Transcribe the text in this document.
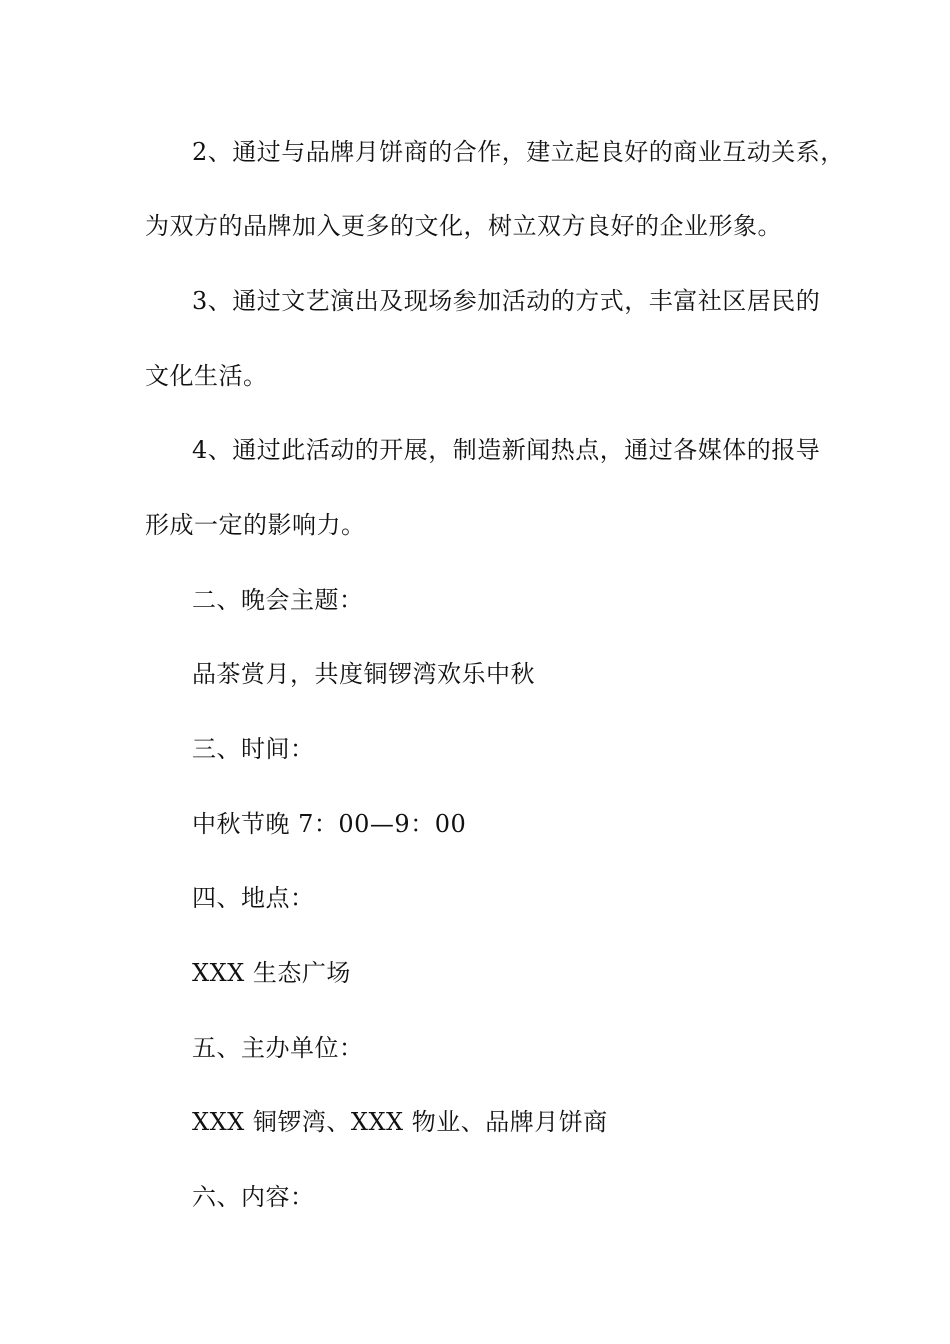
2、通过与品牌月饼商的合作，建立起良好的商业互动关系，
为双方的品牌加入更多的文化，树立双方良好的企业形象。
3、通过文艺演出及现场参加活动的方式，丰富社区居民的
文化生活。
4、通过此活动的开展，制造新闻热点，通过各媒体的报导
形成一定的影响力。
二、晚会主题：
品茶赏月，共度铜锣湾欢乐中秋
三、时间：
中秋节晚 7：00—9：00
四、地点：
XXX 生态广场
五、主办单位：
XXX 铜锣湾、XXX 物业、品牌月饼商
六、内容：
